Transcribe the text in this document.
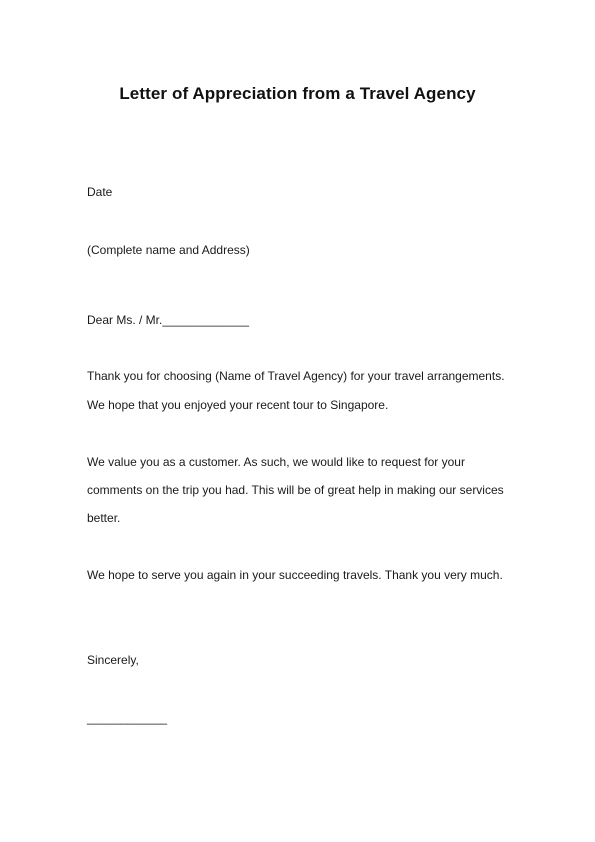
Letter of Appreciation from a Travel Agency
Date
(Complete name and Address)
Dear Ms. / Mr._____________
Thank you for choosing (Name of Travel Agency) for your travel arrangements.
We hope that you enjoyed your recent tour to Singapore.
We value you as a customer. As such, we would like to request for your
comments on the trip you had. This will be of great help in making our services
better.
We hope to serve you again in your succeeding travels. Thank you very much.
Sincerely,
____________
